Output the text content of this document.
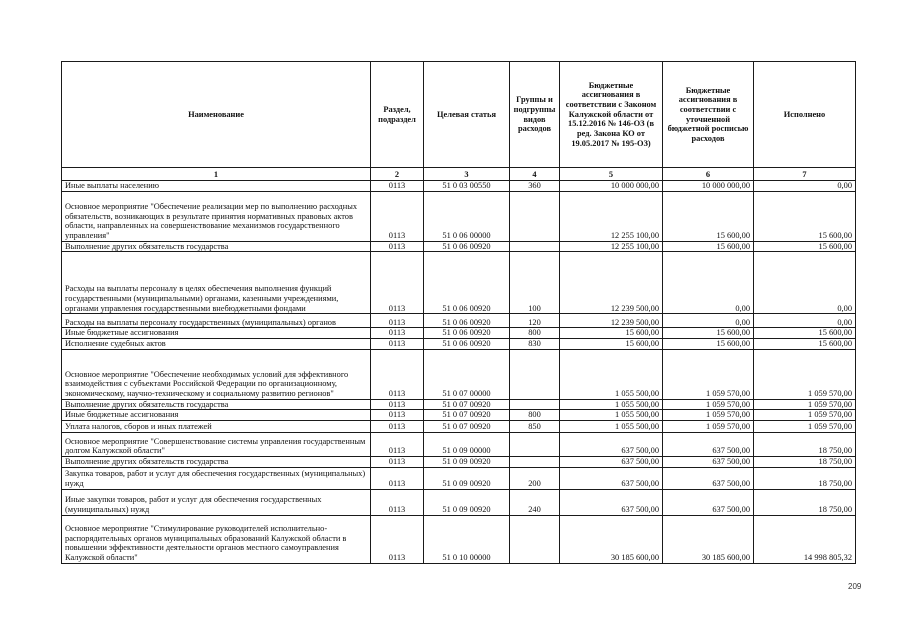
Наименование	Раздел, подраздел	Целевая статья	Группы и подгруппы видов расходов	Бюджетные ассигнования в соответствии с Законом Калужской области от 15.12.2016 № 146-ОЗ (в ред. Закона КО от 19.05.2017 № 195-ОЗ)	Бюджетные ассигнования в соответствии с уточненной бюджетной росписью расходов	Исполнено
1	2	3	4	5	6	7
Иные выплаты населению	0113	51 0 03 00550	360	10 000 000,00	10 000 000,00	0,00
Основное мероприятие "Обеспечение реализации мер по выполнению расходных обязательств, возникающих в результате принятия нормативных правовых актов области, направленных на совершенствование механизмов государственного управления"	0113	51 0 06 00000		12 255 100,00	15 600,00	15 600,00
Выполнение других обязательств государства	0113	51 0 06 00920		12 255 100,00	15 600,00	15 600,00
Расходы на выплаты персоналу в целях обеспечения выполнения функций государственными (муниципальными) органами, казенными учреждениями, органами управления государственными внебюджетными фондами	0113	51 0 06 00920	100	12 239 500,00	0,00	0,00
Расходы на выплаты персоналу государственных (муниципальных) органов	0113	51 0 06 00920	120	12 239 500,00	0,00	0,00
Иные бюджетные ассигнования	0113	51 0 06 00920	800	15 600,00	15 600,00	15 600,00
Исполнение судебных актов	0113	51 0 06 00920	830	15 600,00	15 600,00	15 600,00
Основное мероприятие "Обеспечение необходимых условий для эффективного взаимодействия с субъектами Российской Федерации по организационному, экономическому, научно-техническому и социальному развитию регионов"	0113	51 0 07 00000		1 055 500,00	1 059 570,00	1 059 570,00
Выполнение других обязательств государства	0113	51 0 07 00920		1 055 500,00	1 059 570,00	1 059 570,00
Иные бюджетные ассигнования	0113	51 0 07 00920	800	1 055 500,00	1 059 570,00	1 059 570,00
Уплата налогов, сборов и иных платежей	0113	51 0 07 00920	850	1 055 500,00	1 059 570,00	1 059 570,00
Основное мероприятие "Совершенствование системы управления государственным долгом Калужской области"	0113	51 0 09 00000		637 500,00	637 500,00	18 750,00
Выполнение других обязательств государства	0113	51 0 09 00920		637 500,00	637 500,00	18 750,00
Закупка товаров, работ и услуг для обеспечения государственных (муниципальных) нужд	0113	51 0 09 00920	200	637 500,00	637 500,00	18 750,00
Иные закупки товаров, работ и услуг для обеспечения государственных (муниципальных) нужд	0113	51 0 09 00920	240	637 500,00	637 500,00	18 750,00
Основное мероприятие "Стимулирование руководителей исполнительно-распорядительных органов муниципальных образований Калужской области в повышении эффективности деятельности органов местного самоуправления Калужской области"	0113	51 0 10 00000		30 185 600,00	30 185 600,00	14 998 805,32
209
